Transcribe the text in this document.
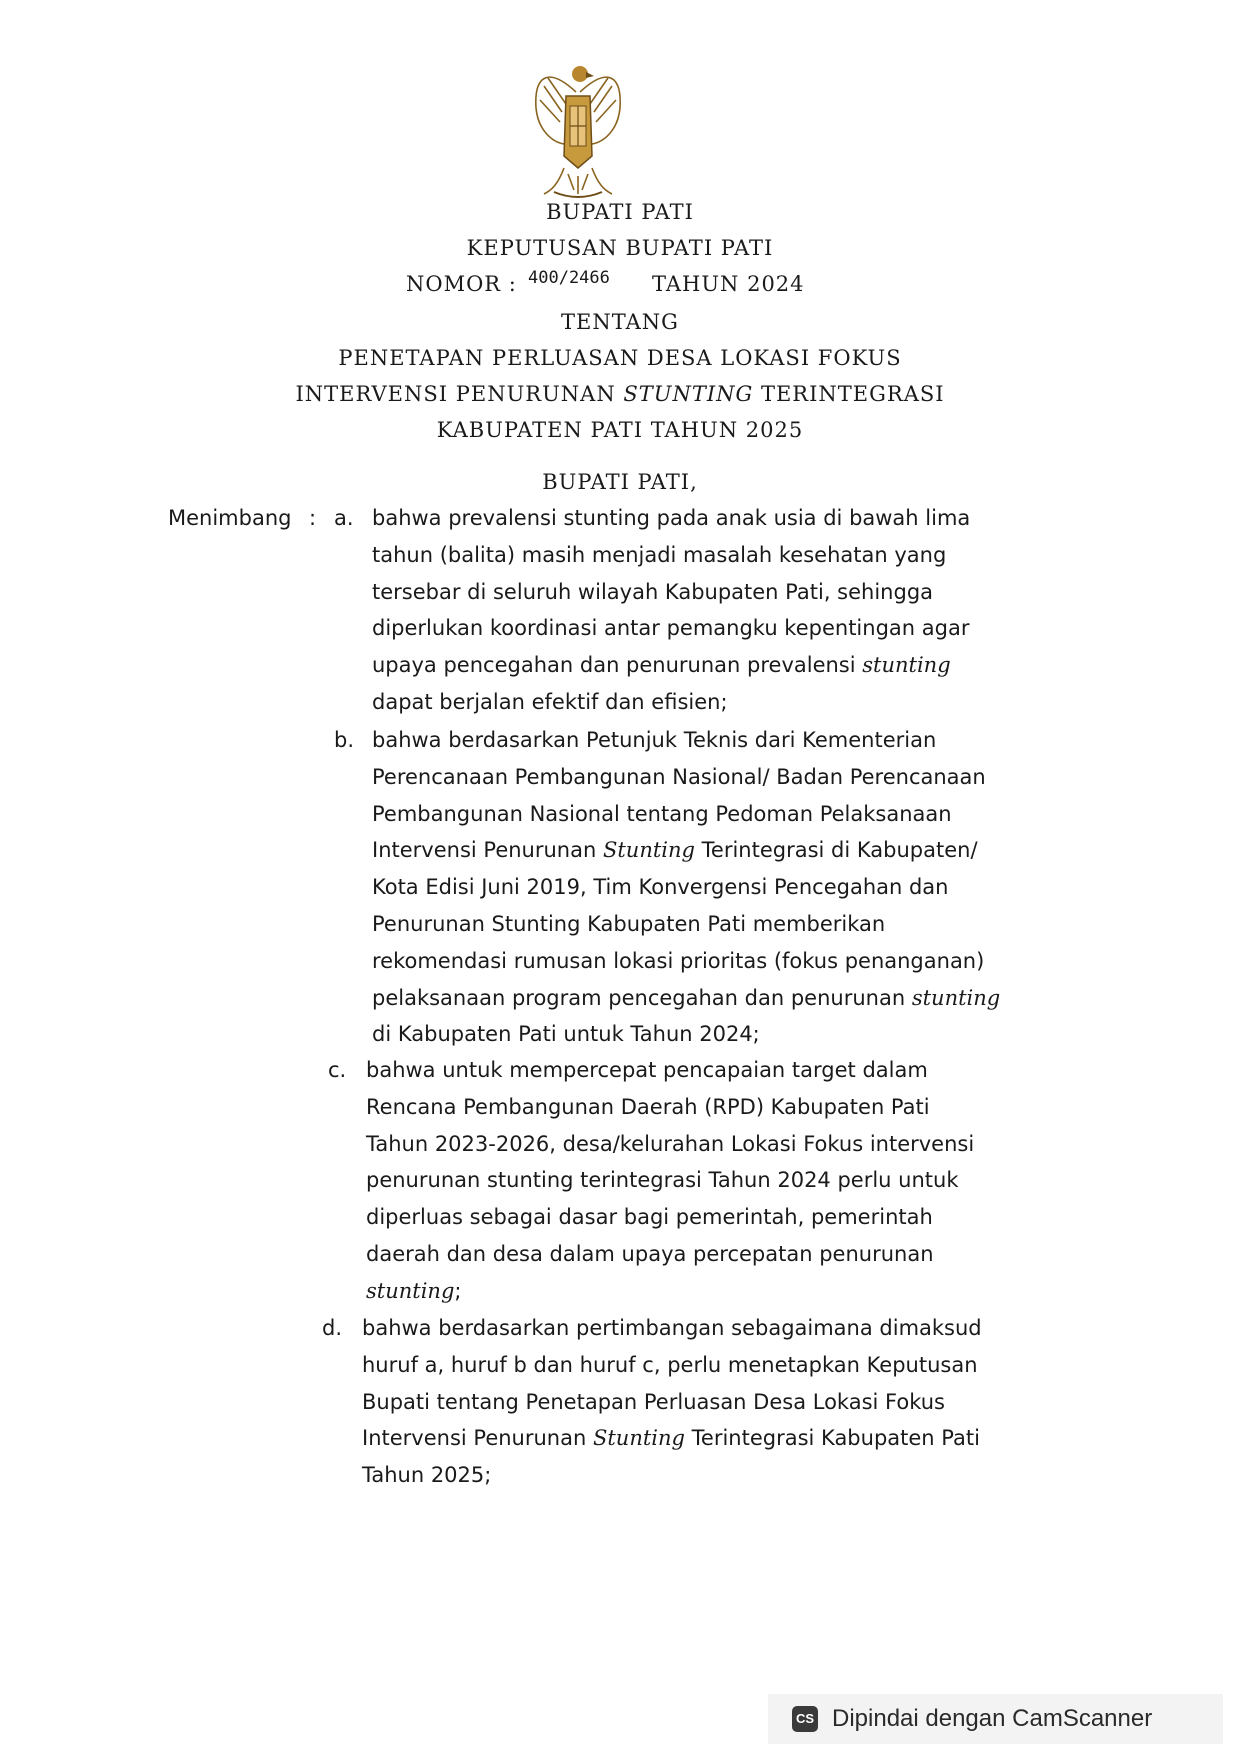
BUPATI PATI
KEPUTUSAN BUPATI PATI
NOMOR : 400/2466 TAHUN 2024
TENTANG
PENETAPAN PERLUASAN DESA LOKASI FOKUS
INTERVENSI PENURUNAN STUNTING TERINTEGRASI
KABUPATEN PATI TAHUN 2025
BUPATI PATI,
Menimbang : a. bahwa prevalensi stunting pada anak usia di bawah lima
tahun (balita) masih menjadi masalah kesehatan yang
tersebar di seluruh wilayah Kabupaten Pati, sehingga
diperlukan koordinasi antar pemangku kepentingan agar
upaya pencegahan dan penurunan prevalensi stunting
dapat berjalan efektif dan efisien;
b. bahwa berdasarkan Petunjuk Teknis dari Kementerian
Perencanaan Pembangunan Nasional/ Badan Perencanaan
Pembangunan Nasional tentang Pedoman Pelaksanaan
Intervensi Penurunan Stunting Terintegrasi di Kabupaten/
Kota Edisi Juni 2019, Tim Konvergensi Pencegahan dan
Penurunan Stunting Kabupaten Pati memberikan
rekomendasi rumusan lokasi prioritas (fokus penanganan)
pelaksanaan program pencegahan dan penurunan stunting
di Kabupaten Pati untuk Tahun 2024;
c. bahwa untuk mempercepat pencapaian target dalam
Rencana Pembangunan Daerah (RPD) Kabupaten Pati
Tahun 2023-2026, desa/kelurahan Lokasi Fokus intervensi
penurunan stunting terintegrasi Tahun 2024 perlu untuk
diperluas sebagai dasar bagi pemerintah, pemerintah
daerah dan desa dalam upaya percepatan penurunan
stunting;
d. bahwa berdasarkan pertimbangan sebagaimana dimaksud
huruf a, huruf b dan huruf c, perlu menetapkan Keputusan
Bupati tentang Penetapan Perluasan Desa Lokasi Fokus
Intervensi Penurunan Stunting Terintegrasi Kabupaten Pati
Tahun 2025;
CS Dipindai dengan CamScanner
